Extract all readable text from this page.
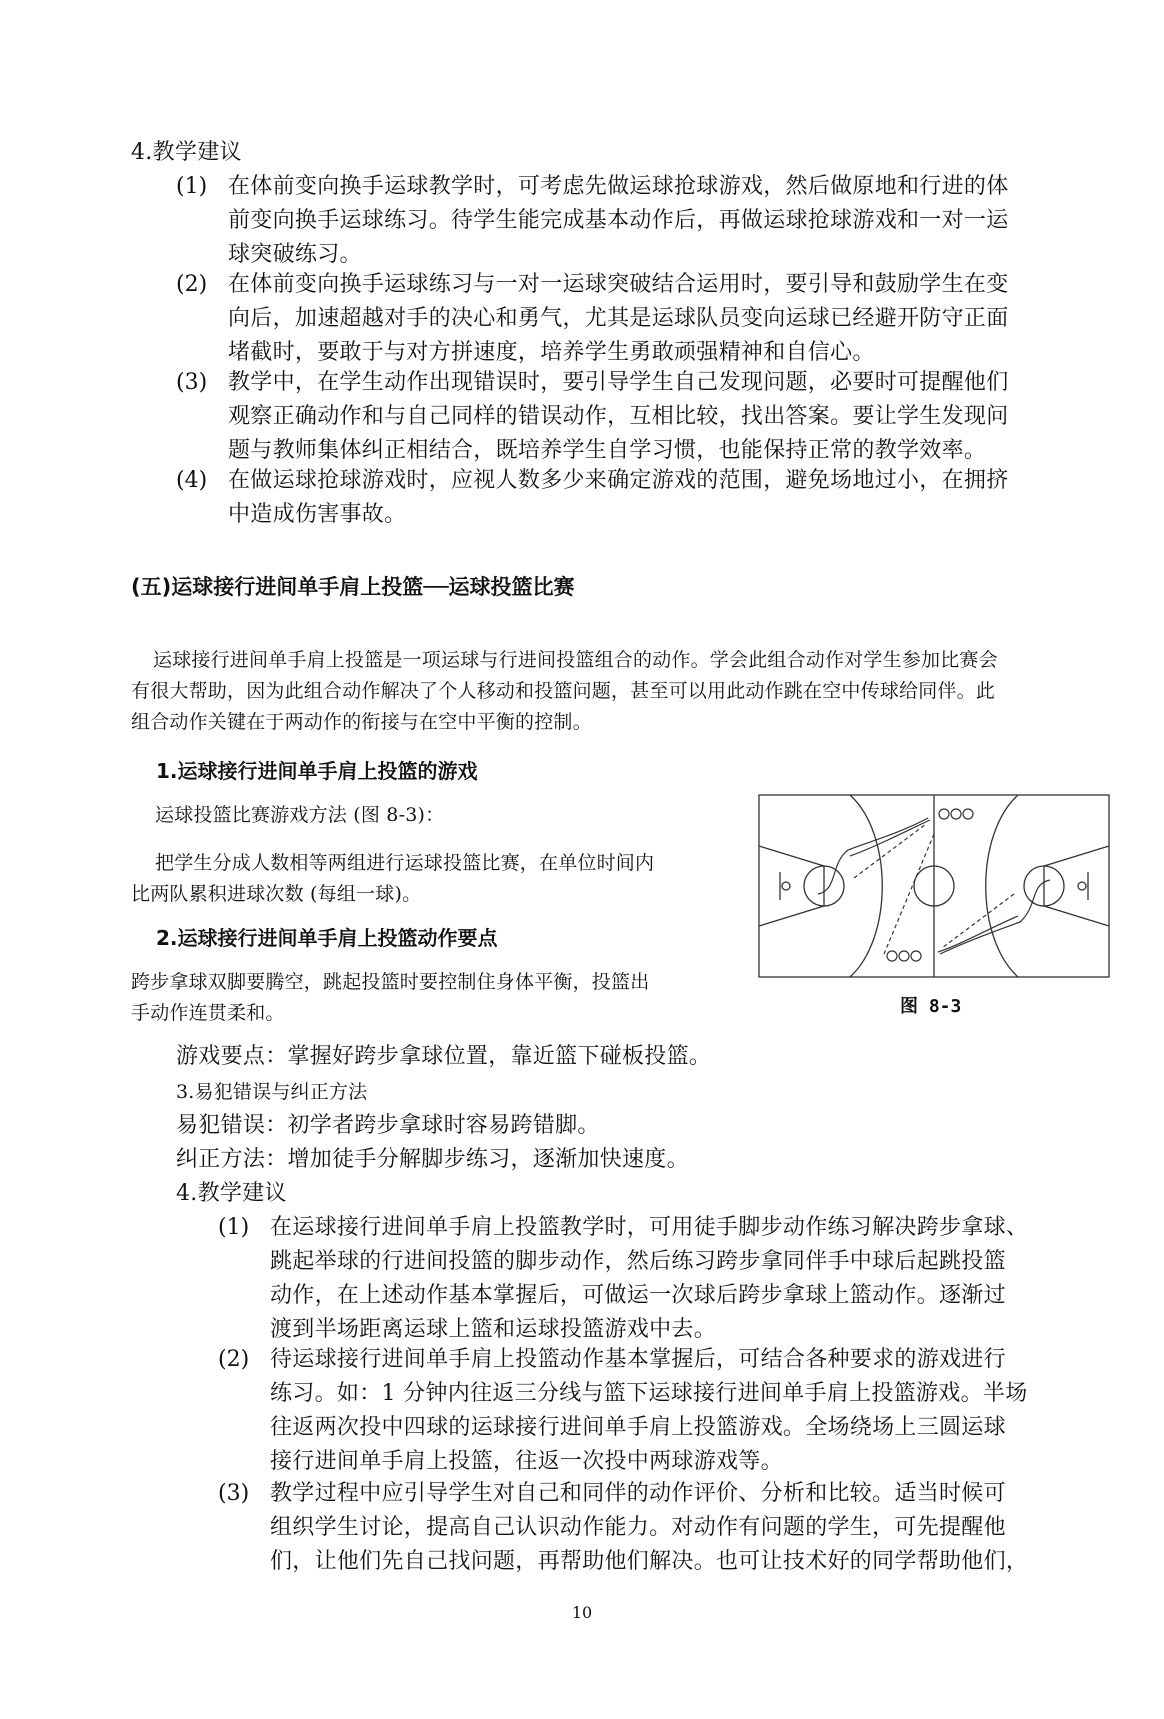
4.教学建议
(1) 在体前变向换手运球教学时，可考虑先做运球抢球游戏，然后做原地和行进的体
前变向换手运球练习。待学生能完成基本动作后，再做运球抢球游戏和一对一运
球突破练习。
(2) 在体前变向换手运球练习与一对一运球突破结合运用时，要引导和鼓励学生在变
向后，加速超越对手的决心和勇气，尤其是运球队员变向运球已经避开防守正面
堵截时，要敢于与对方拼速度，培养学生勇敢顽强精神和自信心。
(3) 教学中，在学生动作出现错误时，要引导学生自己发现问题，必要时可提醒他们
观察正确动作和与自己同样的错误动作，互相比较，找出答案。要让学生发现问
题与教师集体纠正相结合，既培养学生自学习惯，也能保持正常的教学效率。
(4) 在做运球抢球游戏时，应视人数多少来确定游戏的范围，避免场地过小，在拥挤
中造成伤害事故。
(五)运球接行进间单手肩上投篮──运球投篮比赛
运球接行进间单手肩上投篮是一项运球与行进间投篮组合的动作。学会此组合动作对学生参加比赛会
有很大帮助，因为此组合动作解决了个人移动和投篮问题，甚至可以用此动作跳在空中传球给同伴。此
组合动作关键在于两动作的衔接与在空中平衡的控制。
1.运球接行进间单手肩上投篮的游戏
运球投篮比赛游戏方法 (图 8-3)：
把学生分成人数相等两组进行运球投篮比赛，在单位时间内
比两队累积进球次数 (每组一球)。
2.运球接行进间单手肩上投篮动作要点
跨步拿球双脚要腾空，跳起投篮时要控制住身体平衡，投篮出
手动作连贯柔和。	图 8-3
游戏要点：掌握好跨步拿球位置，靠近篮下碰板投篮。
3.易犯错误与纠正方法
易犯错误：初学者跨步拿球时容易跨错脚。
纠正方法：增加徒手分解脚步练习，逐渐加快速度。
4.教学建议
(1) 在运球接行进间单手肩上投篮教学时，可用徒手脚步动作练习解决跨步拿球、
跳起举球的行进间投篮的脚步动作，然后练习跨步拿同伴手中球后起跳投篮
动作，在上述动作基本掌握后，可做运一次球后跨步拿球上篮动作。逐渐过
渡到半场距离运球上篮和运球投篮游戏中去。
(2) 待运球接行进间单手肩上投篮动作基本掌握后，可结合各种要求的游戏进行
练习。如：1 分钟内往返三分线与篮下运球接行进间单手肩上投篮游戏。半场
往返两次投中四球的运球接行进间单手肩上投篮游戏。全场绕场上三圆运球
接行进间单手肩上投篮，往返一次投中两球游戏等。
(3) 教学过程中应引导学生对自己和同伴的动作评价、分析和比较。适当时候可
组织学生讨论，提高自己认识动作能力。对动作有问题的学生，可先提醒他
们，让他们先自己找问题，再帮助他们解决。也可让技术好的同学帮助他们，
10
